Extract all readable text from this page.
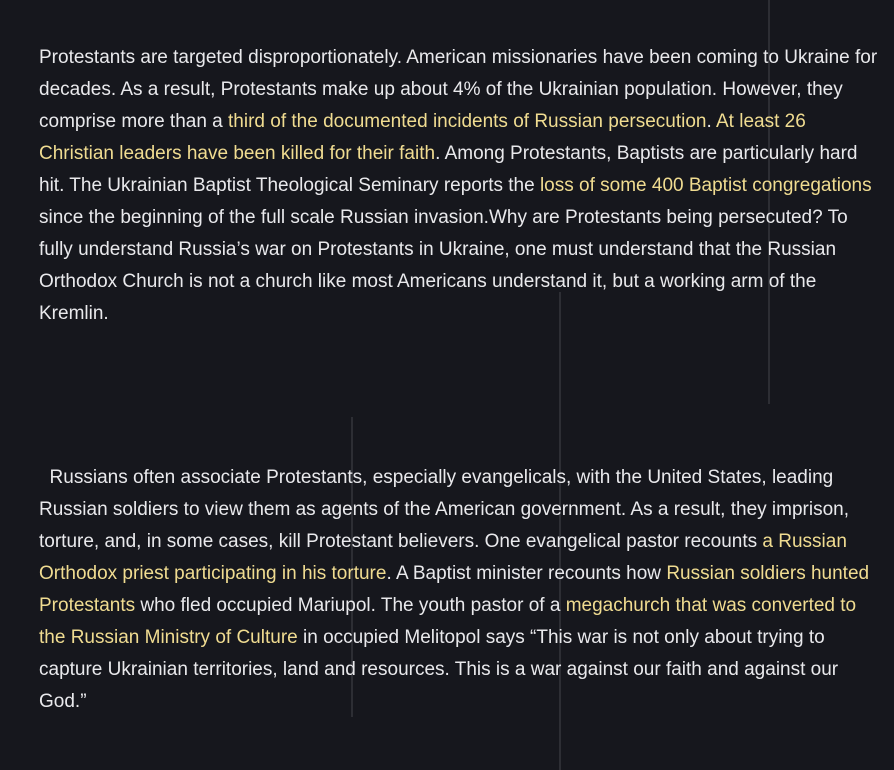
Protestants are targeted disproportionately. American missionaries have been coming to Ukraine for decades. As a result, Protestants make up about 4% of the Ukrainian population. However, they comprise more than a third of the documented incidents of Russian persecution. At least 26 Christian leaders have been killed for their faith. Among Protestants, Baptists are particularly hard hit. The Ukrainian Baptist Theological Seminary reports the loss of some 400 Baptist congregations since the beginning of the full scale Russian invasion.Why are Protestants being persecuted? To fully understand Russia’s war on Protestants in Ukraine, one must understand that the Russian Orthodox Church is not a church like most Americans understand it, but a working arm of the Kremlin.

Russians often associate Protestants, especially evangelicals, with the United States, leading Russian soldiers to view them as agents of the American government. As a result, they imprison, torture, and, in some cases, kill Protestant believers. One evangelical pastor recounts a Russian Orthodox priest participating in his torture. A Baptist minister recounts how Russian soldiers hunted Protestants who fled occupied Mariupol. The youth pastor of a megachurch that was converted to the Russian Ministry of Culture in occupied Melitopol says “This war is not only about trying to capture Ukrainian territories, land and resources. This is a war against our faith and against our God.”
